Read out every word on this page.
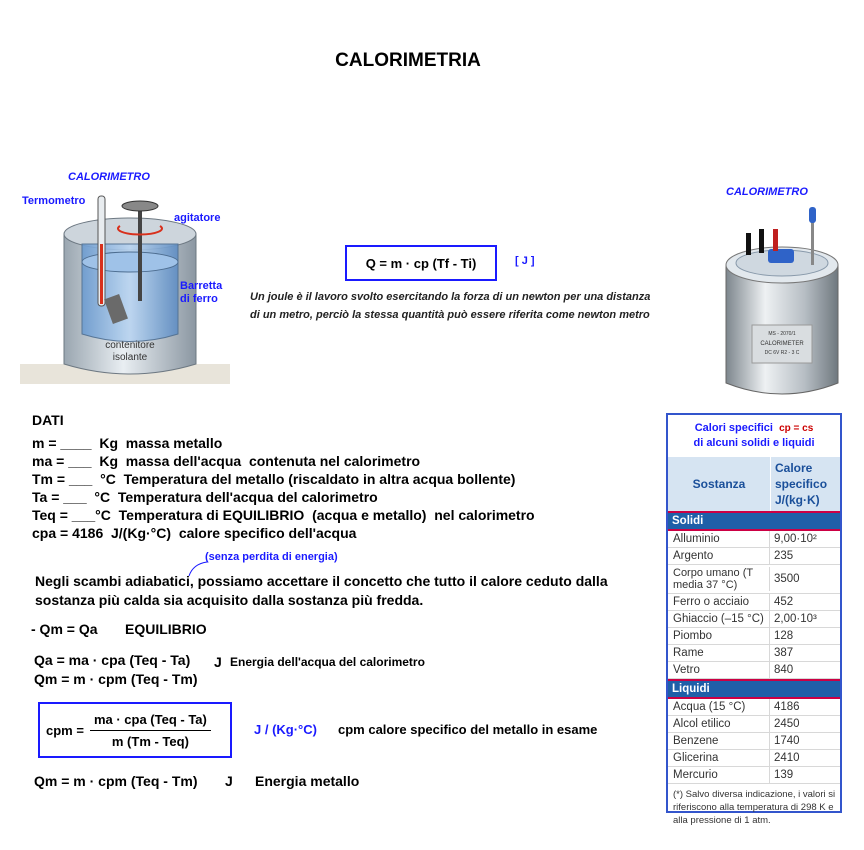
CALORIMETRIA
CALORIMETRO
contenitore
isolante
Termometro
agitatore
Barretta
di ferro
CALORIMETRO
MS - 2070/1
CALORIMETER
DC 6V R2 - 3 C
Q = m · cp (Tf - Ti)	[ J ]
Un joule è il lavoro svolto esercitando la forza di un newton per una distanza
di un metro, perciò la stessa quantità può essere riferita come newton metro
DATI
m = ____  Kg  massa metallo
ma = ___  Kg  massa dell'acqua  contenuta nel calorimetro
Tm = ___  °C  Temperatura del metallo (riscaldato in altra acqua bollente)
Ta = ___  °C  Temperatura dell'acqua del calorimetro
Teq = ___°C  Temperatura di EQUILIBRIO  (acqua e metallo)  nel calorimetro
cpa = 4186  J/(Kg·°C)  calore specifico dell'acqua
(senza perdita di energia)
Negli scambi adiabatici, possiamo accettare il concetto che tutto il calore ceduto dalla
sostanza più calda sia acquisito dalla sostanza più fredda.
- Qm = Qa EQUILIBRIO
Qa = ma · cpa (Teq - Ta) J Energia dell'acqua del calorimetro
Qm = m · cpm (Teq - Tm)
cpm = $\frac{\text{ma · cpa (Teq - Ta)}}{\text{m (Tm - Teq)}}$	J / (Kg·°C) cpm calore specifico del metallo in esame
Qm = m · cpm (Teq - Tm) J Energia metallo
Calori specifici cp = cs
di alcuni solidi e liquidi
Sostanza
Calore
specifico
J/(kg·K)
Solidi
Alluminio	9,00·10²
Argento	235
Corpo umano (T media 37 °C)	3500
Ferro o acciaio	452
Ghiaccio (–15 °C) 2,00·10³
Piombo	128
Rame	387
Vetro	840
Liquidi
Acqua (15 °C)	4186
Alcol etilico	2450
Benzene	1740
Glicerina	2410
Mercurio	139
(*) Salvo diversa indicazione, i valori si riferiscono alla temperatura di 298 K e alla pressione di 1 atm.
